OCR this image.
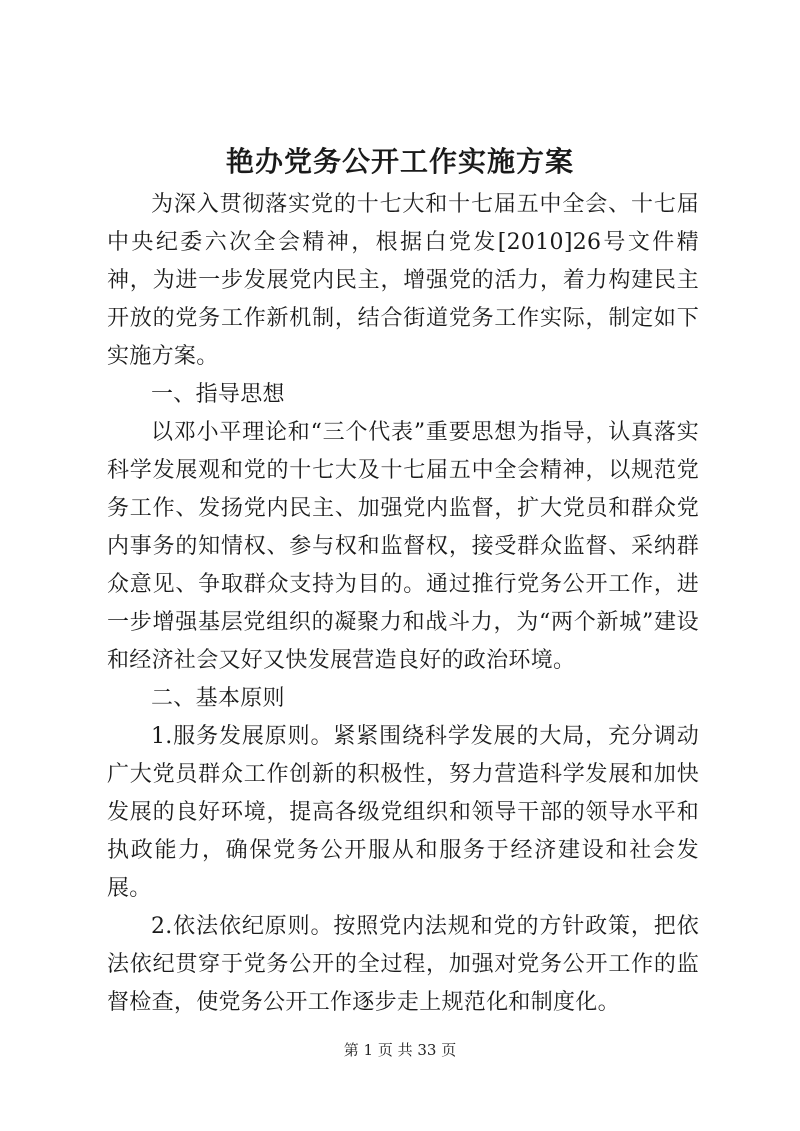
艳办党务公开工作实施方案

为深入贯彻落实党的十七大和十七届五中全会、十七届中央纪委六次全会精神，根据白党发[2010]26号文件精神，为进一步发展党内民主，增强党的活力，着力构建民主开放的党务工作新机制，结合街道党务工作实际，制定如下实施方案。

一、指导思想

以邓小平理论和“三个代表”重要思想为指导，认真落实科学发展观和党的十七大及十七届五中全会精神，以规范党务工作、发扬党内民主、加强党内监督，扩大党员和群众党内事务的知情权、参与权和监督权，接受群众监督、采纳群众意见、争取群众支持为目的。通过推行党务公开工作，进一步增强基层党组织的凝聚力和战斗力，为“两个新城”建设和经济社会又好又快发展营造良好的政治环境。

二、基本原则

1.服务发展原则。紧紧围绕科学发展的大局，充分调动广大党员群众工作创新的积极性，努力营造科学发展和加快发展的良好环境，提高各级党组织和领导干部的领导水平和执政能力，确保党务公开服从和服务于经济建设和社会发展。

2.依法依纪原则。按照党内法规和党的方针政策，把依法依纪贯穿于党务公开的全过程，加强对党务公开工作的监督检查，使党务公开工作逐步走上规范化和制度化。

第 1 页 共 33 页
